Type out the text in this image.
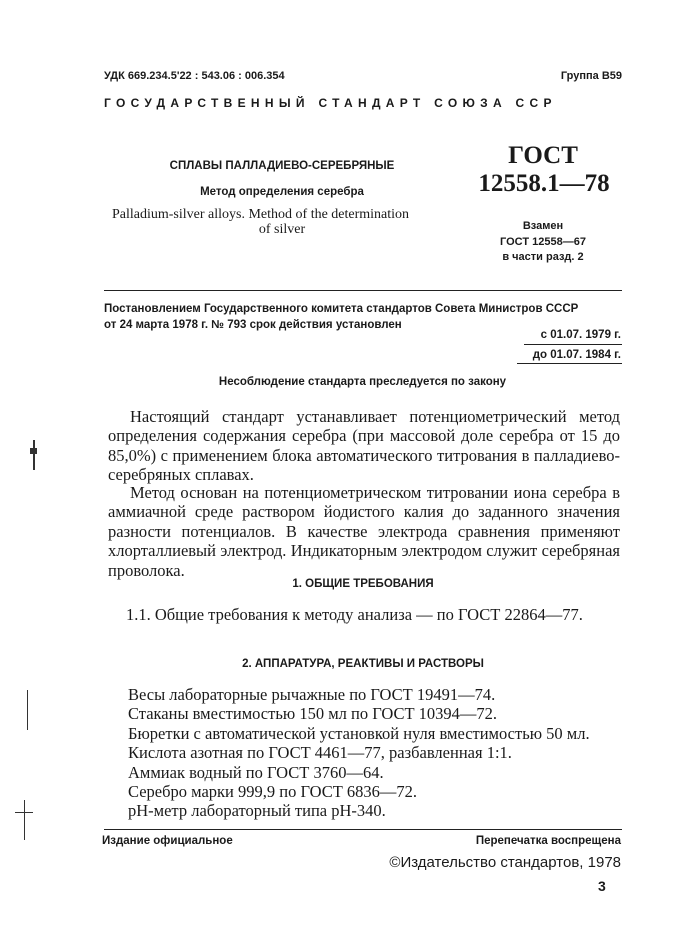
УДК 669.234.5'22 : 543.06 : 006.354	Группа В59
ГОСУДАРСТВЕННЫЙ СТАНДАРТ СОЮЗА ССР
СПЛАВЫ ПАЛЛАДИЕВО-СЕРЕБРЯНЫЕ
Метод определения серебра
Palladium-silver alloys. Method of the determination
of silver
ГОСТ
12558.1—78
Взамен
ГОСТ 12558—67
в части разд. 2
Постановлением Государственного комитета стандартов Совета Министров СССР
от 24 марта 1978 г. № 793 срок действия установлен
с 01.07. 1979 г.
до 01.07. 1984 г.
Несоблюдение стандарта преследуется по закону

Настоящий стандарт устанавливает потенциометрический метод определения содержания серебра (при массовой доле серебра от 15 до 85,0%) с применением блока автоматического титрования в палладиево-серебряных сплавах.

Метод основан на потенциометрическом титровании иона серебра в аммиачной среде раствором йодистого калия до заданного значения разности потенциалов. В качестве электрода сравнения применяют хлорталлиевый электрод. Индикаторным электродом служит серебряная проволока.

1. ОБЩИЕ ТРЕБОВАНИЯ
1.1. Общие требования к методу анализа — по ГОСТ 22864—77.
2. АППАРАТУРА, РЕАКТИВЫ И РАСТВОРЫ
Весы лабораторные рычажные по ГОСТ 19491—74.
Стаканы вместимостью 150 мл по ГОСТ 10394—72.
Бюретки с автоматической установкой нуля вместимостью 50 мл.
Кислота азотная по ГОСТ 4461—77, разбавленная 1:1.
Аммиак водный по ГОСТ 3760—64.
Серебро марки 999,9 по ГОСТ 6836—72.
pH-метр лабораторный типа pH-340.
Издание официальное	Перепечатка воспрещена
©Издательство стандартов, 1978
3
